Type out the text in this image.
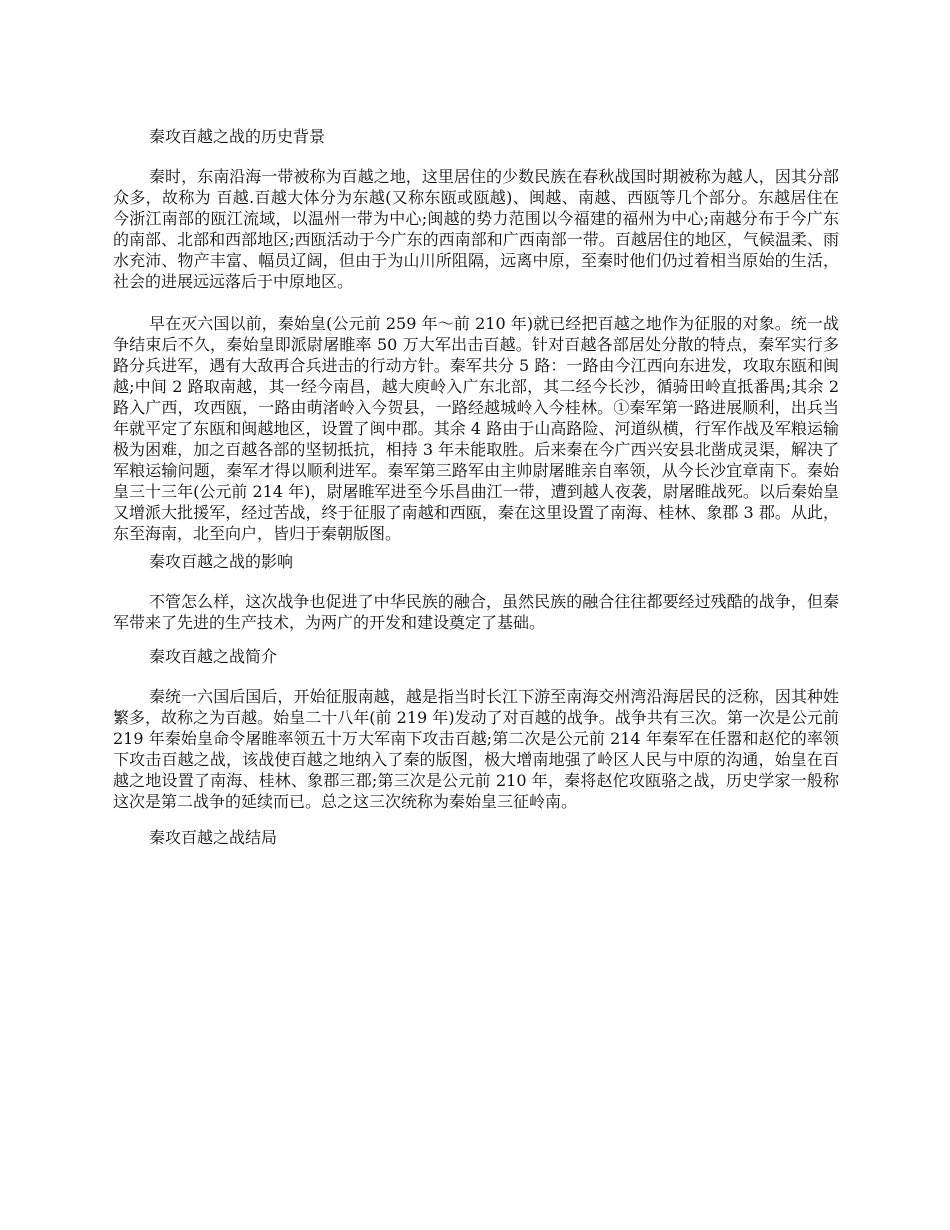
秦攻百越之战的历史背景

秦时，东南沿海一带被称为百越之地，这里居住的少数民族在春秋战国时期被称为越人，因其分部众多，故称为 百越.百越大体分为东越(又称东瓯或瓯越)、闽越、南越、西瓯等几个部分。东越居住在今浙江南部的瓯江流域，以温州一带为中心;闽越的势力范围以今福建的福州为中心;南越分布于今广东的南部、北部和西部地区;西瓯活动于今广东的西南部和广西南部一带。百越居住的地区，气候温柔、雨水充沛、物产丰富、幅员辽阔，但由于为山川所阻隔，远离中原，至秦时他们仍过着相当原始的生活，社会的进展远远落后于中原地区。

早在灭六国以前，秦始皇(公元前 259 年～前 210 年)就已经把百越之地作为征服的对象。统一战争结束后不久，秦始皇即派尉屠睢率 50 万大军出击百越。针对百越各部居处分散的特点，秦军实行多路分兵进军，遇有大敌再合兵进击的行动方针。秦军共分 5 路：一路由今江西向东进发，攻取东瓯和闽越;中间 2 路取南越，其一经今南昌，越大庾岭入广东北部，其二经今长沙，循骑田岭直抵番禺;其余 2 路入广西，攻西瓯，一路由萌渚岭入今贺县，一路经越城岭入今桂林。①秦军第一路进展顺利，出兵当年就平定了东瓯和闽越地区，设置了闽中郡。其余 4 路由于山高路险、河道纵横，行军作战及军粮运输极为困难，加之百越各部的坚韧抵抗，相持 3 年未能取胜。后来秦在今广西兴安县北凿成灵渠，解决了军粮运输问题，秦军才得以顺利进军。秦军第三路军由主帅尉屠睢亲自率领，从今长沙宜章南下。秦始皇三十三年(公元前 214 年)，尉屠睢军进至今乐昌曲江一带，遭到越人夜袭，尉屠睢战死。以后秦始皇又增派大批援军，经过苦战，终于征服了南越和西瓯，秦在这里设置了南海、桂林、象郡 3 郡。从此，东至海南，北至向户，皆归于秦朝版图。

秦攻百越之战的影响

不管怎么样，这次战争也促进了中华民族的融合，虽然民族的融合往往都要经过残酷的战争，但秦军带来了先进的生产技术，为两广的开发和建设奠定了基础。

秦攻百越之战简介

秦统一六国后国后，开始征服南越，越是指当时长江下游至南海交州湾沿海居民的泛称，因其种姓繁多，故称之为百越。始皇二十八年(前 219 年)发动了对百越的战争。战争共有三次。第一次是公元前 219 年秦始皇命令屠睢率领五十万大军南下攻击百越;第二次是公元前 214 年秦军在任嚣和赵佗的率领下攻击百越之战，该战使百越之地纳入了秦的版图，极大增南地强了岭区人民与中原的沟通，始皇在百越之地设置了南海、桂林、象郡三郡;第三次是公元前 210 年，秦将赵佗攻瓯骆之战，历史学家一般称这次是第二战争的延续而已。总之这三次统称为秦始皇三征岭南。

秦攻百越之战结局
